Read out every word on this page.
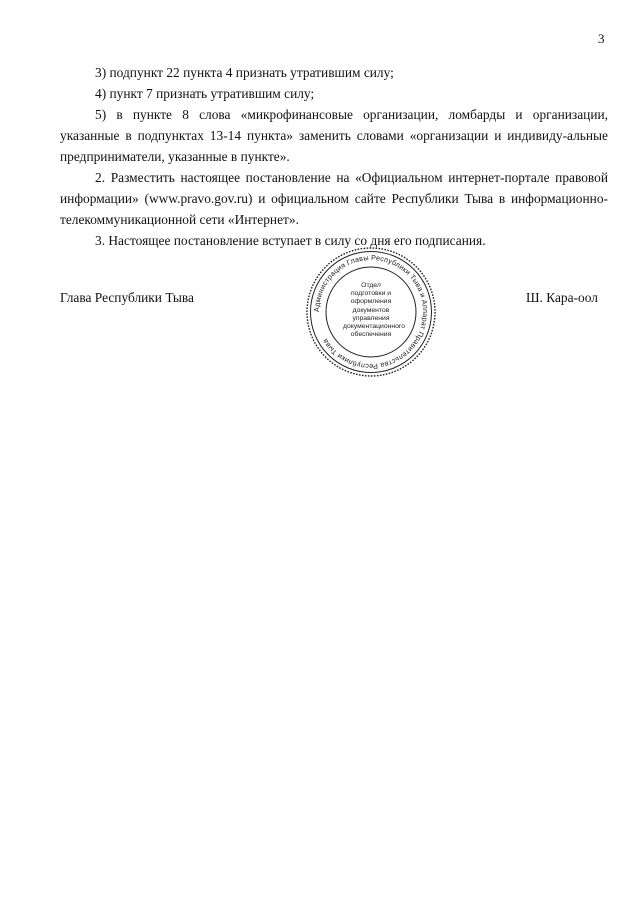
3

3) подпункт 22 пункта 4 признать утратившим силу;

4) пункт 7 признать утратившим силу;

5) в пункте 8 слова «микрофинансовые организации, ломбарды и организации, указанные в подпунктах 13-14 пункта» заменить словами «организации и индивиду-альные предприниматели, указанные в пункте».

2. Разместить настоящее постановление на «Официальном интернет-портале правовой информации» (www.pravo.gov.ru) и официальном сайте Республики Тыва в информационно-телекоммуникационной сети «Интернет».

3. Настоящее постановление вступает в силу со дня его подписания.

Глава Республики Тыва	Ш. Кара-оол
Администрация Главы Республики Тыва и Аппарат Правительства Республики Тыва
Отдел
подготовки и
оформления документов
управления
документационного
обеспечения
